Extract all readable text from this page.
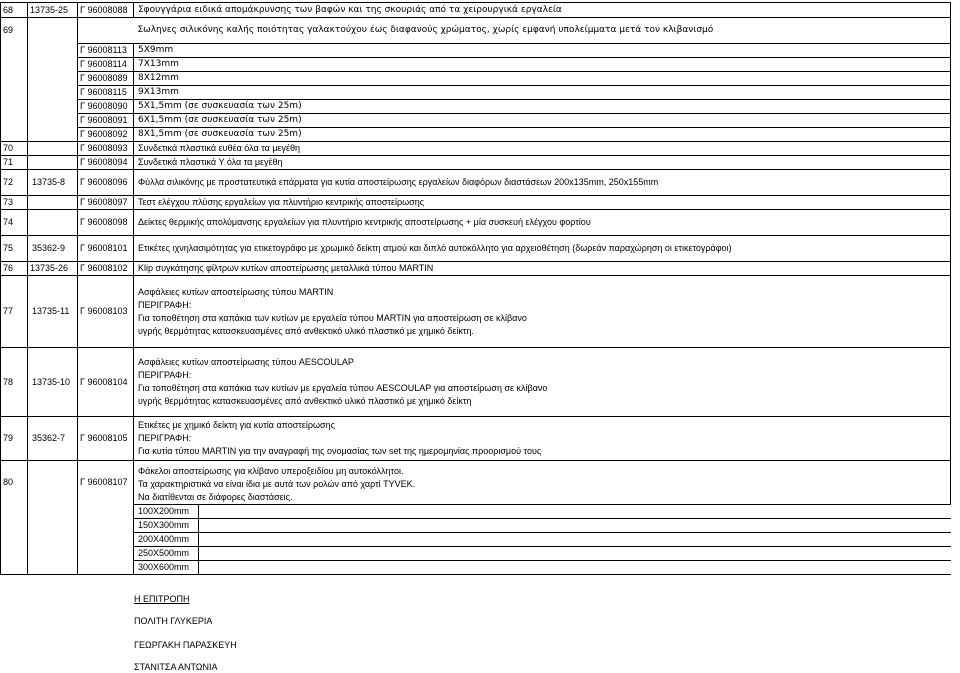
68	13735-25	Γ 96008088	Σφουγγάρια ειδικά απομάκρυνσης των βαφών και της σκουριάς από τα χειρουργικά εργαλεία
69			Σωληνες σιλικόνης καλής ποιότητας γαλακτούχου έως διαφανούς χρώματος, χωρίς εμφανή υπολείμματα μετά τον κλιβανισμό
		Γ 96008113	5Χ9mm
		Γ 96008114	7Χ13mm
		Γ 96008089	8Χ12mm
		Γ 96008115	9Χ13mm
		Γ 96008090	5Χ1,5mm (σε συσκευασία των 25m)
		Γ 96008091	6Χ1,5mm (σε συσκευασία των 25m)
		Γ 96008092	8Χ1,5mm (σε συσκευασία των 25m)
70		Γ 96008093	Συνδετικά πλαστικά ευθέα όλα τα μεγέθη
71		Γ 96008094	Συνδετικά πλαστικά Υ όλα τα μεγέθη
72	13735-8	Γ 96008096	Φύλλα σιλικόνης με προστατευτικά επάρματα για κυτία αποστείρωσης εργαλείων διαφόρων διαστάσεων 200x135mm, 250x155mm
73		Γ 96008097	Τεστ ελέγχου πλύσης εργαλείων για πλυντήριο κεντρικής αποστείρωσης
74		Γ 96008098	Δείκτες θερμικής απολύμανσης εργαλείων για πλυντήριο κεντρικής αποστείρωσης + μία συσκευή ελέγχου φορτίου
75	35362-9	Γ 96008101	Ετικέτες ιχνηλασιμότητας για ετικετογράφο με χρωμικό δείκτη ατμού και διπλό αυτοκόλλητο για αρχειοθέτηση (δωρεάν παραχώρηση οι ετικετογράφοι)
76	13735-26	Γ 96008102	Klip συγκάτησης φίλτρων κυτίων αποστείρωσης μεταλλικά τύπου MARTIN
77	13735-11	Γ 96008103	Ασφάλειες κυτίων αποστείρωσης τύπου MARTIN
ΠΕΡΙΓΡΑΦΗ:
Για τοποθέτηση στα καπάκια των κυτίων με εργαλεία τύπου MARTIN για αποστείρωση σε κλίβανο
υγρής θερμότητας κατασκευασμένες από ανθεκτικό υλικό πλαστικό με χημικό δείκτη.

78	13735-10	Γ 96008104	Ασφάλειες κυτίων αποστείρωσης τύπου AESCOULAP
ΠΕΡΙΓΡΑΦΗ:
Για τοποθέτηση στα καπάκια των κυτίων με εργαλεία τύπου AESCOULAP για αποστείρωση σε κλίβανο
υγρής θερμότητας κατασκευασμένες από ανθεκτικό υλικό πλαστικό με χημικό δείκτη

79	35362-7	Γ 96008105	Ετικέτες με χημικό δείκτη για κυτία αποστείρωσης
ΠΕΡΙΓΡΑΦΗ:
Για κυτία τύπου MARTIN για την αναγραφή της ονομασίας των set της ημερομηνίας προορισμού τους

80		Γ 96008107	Φάκελοι αποστείρωσης για κλίβανο υπεροξειδίου μη αυτοκόλλητοι.
Τα χαρακτηριστικά να είναι ίδια με αυτά των ρολών από χαρτί TYVEK.
Να διατίθενται σε διάφορες διαστάσεις.

			100X200mm
			150X300mm
			200X400mm
			250X500mm
			300X600mm
Η ΕΠΙΤΡΟΠΗ
ΠΟΛΙΤΗ ΓΛΥΚΕΡΙΑ
ΓΕΩΡΓΑΚΗ ΠΑΡΑΣΚΕΥΗ
ΣΤΑΝΙΤΣΑ ΑΝΤΩΝΙΑ
